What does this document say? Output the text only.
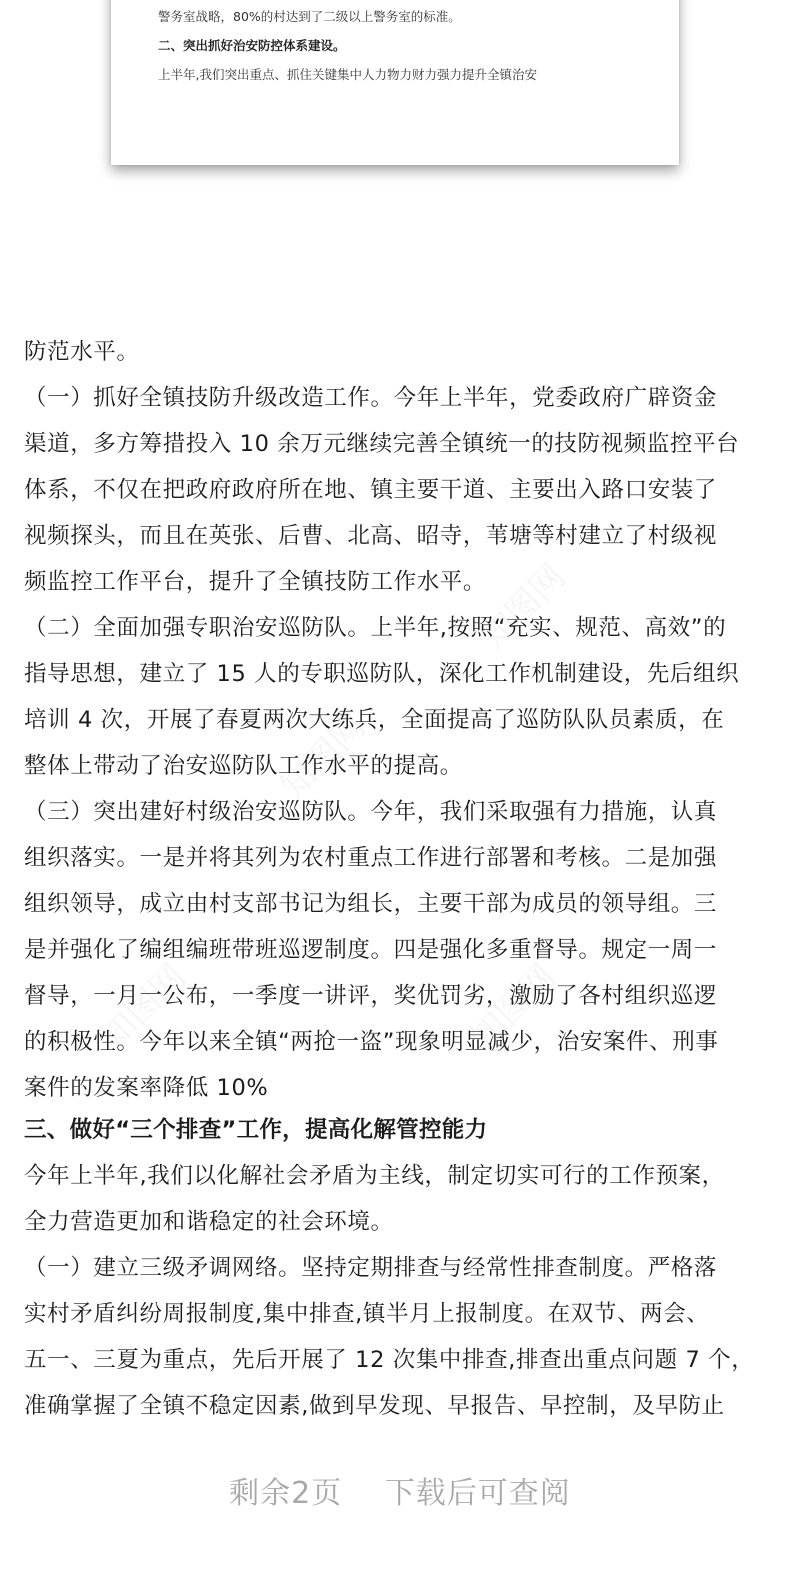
警务室战略，80%的村达到了二级以上警务室的标准。
二、突出抓好治安防控体系建设。
上半年,我们突出重点、抓住关键集中人力物力财力强力提升全镇治安
知图网
知图网
知图网	知图网
防范水平。
（一）抓好全镇技防升级改造工作。今年上半年，党委政府广辟资金
渠道，多方筹措投入 10 余万元继续完善全镇统一的技防视频监控平台
体系，不仅在把政府政府所在地、镇主要干道、主要出入路口安装了
视频探头，而且在英张、后曹、北高、昭寺，苇塘等村建立了村级视
频监控工作平台，提升了全镇技防工作水平。
（二）全面加强专职治安巡防队。上半年,按照“充实、规范、高效”的
指导思想，建立了 15 人的专职巡防队，深化工作机制建设，先后组织
培训 4 次，开展了春夏两次大练兵，全面提高了巡防队队员素质，在
整体上带动了治安巡防队工作水平的提高。
（三）突出建好村级治安巡防队。今年，我们采取强有力措施，认真
组织落实。一是并将其列为农村重点工作进行部署和考核。二是加强
组织领导，成立由村支部书记为组长，主要干部为成员的领导组。三
是并强化了编组编班带班巡逻制度。四是强化多重督导。规定一周一
督导，一月一公布，一季度一讲评，奖优罚劣，激励了各村组织巡逻
的积极性。今年以来全镇“两抢一盗”现象明显减少，治安案件、刑事
案件的发案率降低 10%
三、做好“三个排查”工作，提高化解管控能力
今年上半年,我们以化解社会矛盾为主线，制定切实可行的工作预案，
全力营造更加和谐稳定的社会环境。
（一）建立三级矛调网络。坚持定期排查与经常性排查制度。严格落
实村矛盾纠纷周报制度,集中排查,镇半月上报制度。在双节、两会、
五一、三夏为重点，先后开展了 12 次集中排查,排查出重点问题 7 个，
准确掌握了全镇不稳定因素,做到早发现、早报告、早控制，及早防止
剩余2页 下载后可查阅
